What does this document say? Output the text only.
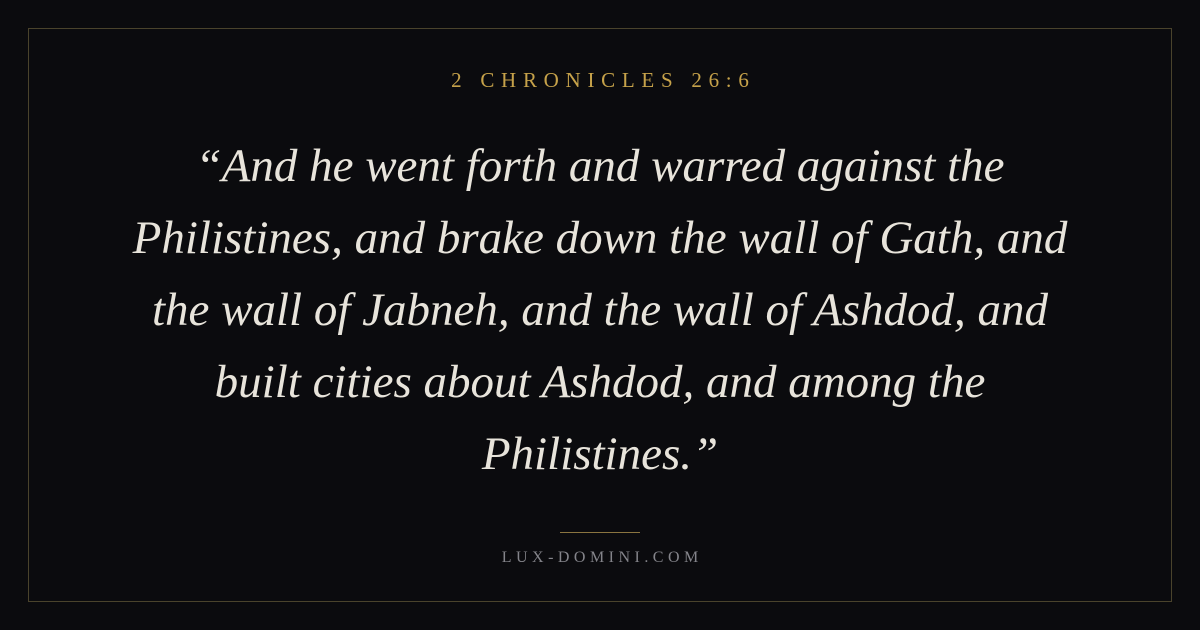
2 CHRONICLES 26:6
“And he went forth and warred against the
Philistines, and brake down the wall of Gath, and
the wall of Jabneh, and the wall of Ashdod, and
built cities about Ashdod, and among the
Philistines.”
LUX-DOMINI.COM
